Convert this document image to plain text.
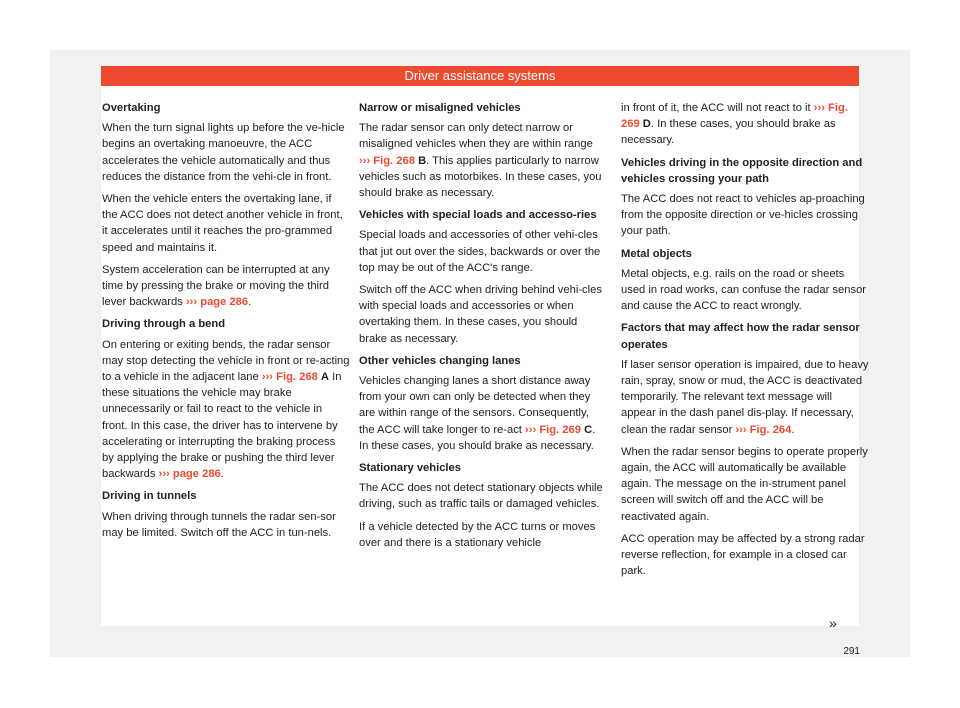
Driver assistance systems
Overtaking

When the turn signal lights up before the ve-hicle begins an overtaking manoeuvre, the ACC accelerates the vehicle automatically and thus reduces the distance from the vehi-cle in front.

When the vehicle enters the overtaking lane, if the ACC does not detect another vehicle in front, it accelerates until it reaches the pro-grammed speed and maintains it.

System acceleration can be interrupted at any time by pressing the brake or moving the third lever backwards ››› page 286.

Driving through a bend

On entering or exiting bends, the radar sensor may stop detecting the vehicle in front or re-acting to a vehicle in the adjacent lane ››› Fig. 268 A In these situations the vehicle may brake unnecessarily or fail to react to the vehicle in front. In this case, the driver has to intervene by accelerating or interrupting the braking process by applying the brake or pushing the third lever backwards ››› page 286.

Driving in tunnels

When driving through tunnels the radar sen-sor may be limited. Switch off the ACC in tun-nels.

Narrow or misaligned vehicles

The radar sensor can only detect narrow or misaligned vehicles when they are within range ››› Fig. 268 B. This applies particularly to narrow vehicles such as motorbikes. In these cases, you should brake as necessary.

Vehicles with special loads and accesso-ries

Special loads and accessories of other vehi-cles that jut out over the sides, backwards or over the top may be out of the ACC's range.

Switch off the ACC when driving behind vehi-cles with special loads and accessories or when overtaking them. In these cases, you should brake as necessary.

Other vehicles changing lanes

Vehicles changing lanes a short distance away from your own can only be detected when they are within range of the sensors. Consequently, the ACC will take longer to re-act ››› Fig. 269 C. In these cases, you should brake as necessary.

Stationary vehicles

The ACC does not detect stationary objects while driving, such as traffic tails or damaged vehicles.

If a vehicle detected by the ACC turns or moves over and there is a stationary vehicle

in front of it, the ACC will not react to it ››› Fig. 269 D. In these cases, you should brake as necessary.

Vehicles driving in the opposite direction and vehicles crossing your path

The ACC does not react to vehicles ap-proaching from the opposite direction or ve-hicles crossing your path.

Metal objects

Metal objects, e.g. rails on the road or sheets used in road works, can confuse the radar sensor and cause the ACC to react wrongly.

Factors that may affect how the radar sensor operates

If laser sensor operation is impaired, due to heavy rain, spray, snow or mud, the ACC is deactivated temporarily. The relevant text message will appear in the dash panel dis-play. If necessary, clean the radar sensor ››› Fig. 264.

When the radar sensor begins to operate properly again, the ACC will automatically be available again. The message on the in-strument panel screen will switch off and the ACC will be reactivated again.

ACC operation may be affected by a strong radar reverse reflection, for example in a closed car park.

»
291
